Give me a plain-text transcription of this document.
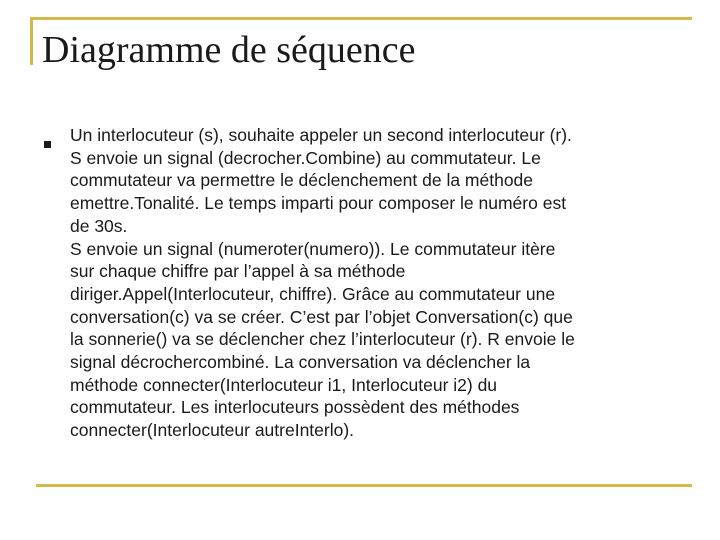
Diagramme de séquence
Un interlocuteur (s), souhaite appeler un second interlocuteur (r).
S envoie un signal (decrocher.Combine) au commutateur. Le
commutateur va permettre le déclenchement de la méthode
emettre.Tonalité. Le temps imparti pour composer le numéro est
de 30s.
S envoie un signal (numeroter(numero)). Le commutateur itère
sur chaque chiffre par l’appel à sa méthode
diriger.Appel(Interlocuteur, chiffre). Grâce au commutateur une
conversation(c) va se créer. C’est par l’objet Conversation(c) que
la sonnerie() va se déclencher chez l’interlocuteur (r). R envoie le
signal décrochercombiné. La conversation va déclencher la
méthode connecter(Interlocuteur i1, Interlocuteur i2) du
commutateur. Les interlocuteurs possèdent des méthodes
connecter(Interlocuteur autreInterlo).
